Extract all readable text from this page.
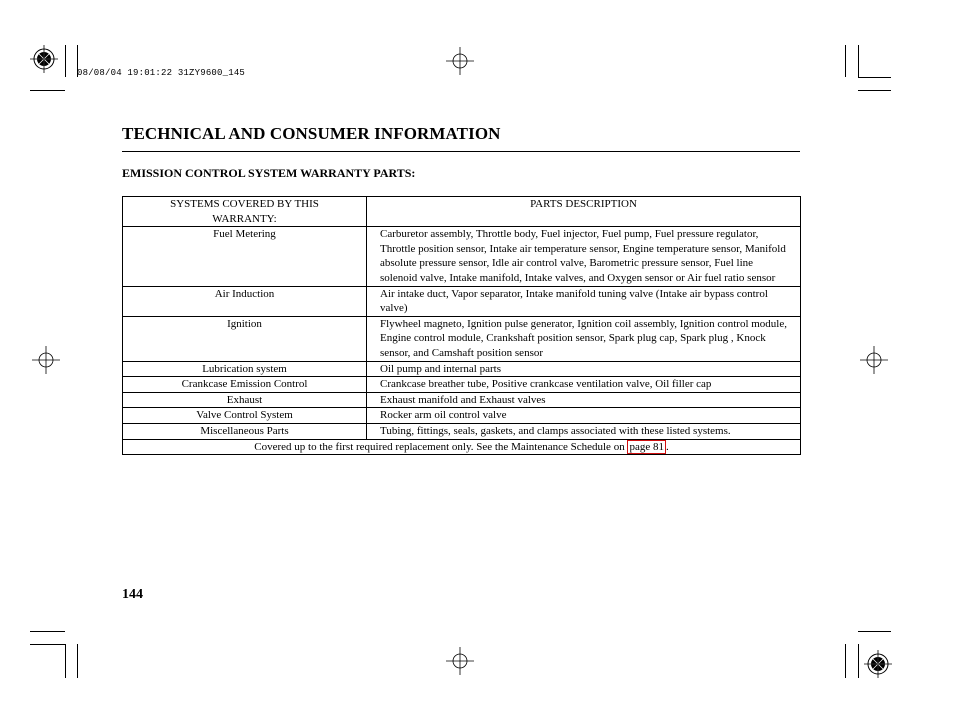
08/08/04 19:01:22 31ZY9600_145
TECHNICAL AND CONSUMER INFORMATION
EMISSION CONTROL SYSTEM WARRANTY PARTS:
SYSTEMS COVERED BY THIS WARRANTY:	PARTS DESCRIPTION
Fuel Metering	Carburetor assembly, Throttle body, Fuel injector, Fuel pump, Fuel pressure regulator, Throttle position sensor, Intake air temperature sensor, Engine temperature sensor, Manifold absolute pressure sensor, Idle air control valve, Barometric pressure sensor, Fuel line solenoid valve, Intake manifold, Intake valves, and Oxygen sensor or Air fuel ratio sensor
Air Induction	Air intake duct, Vapor separator, Intake manifold tuning valve (Intake air bypass control valve)
Ignition	Flywheel magneto, Ignition pulse generator, Ignition coil assembly, Ignition control module, Engine control module, Crankshaft position sensor, Spark plug cap, Spark plug , Knock sensor, and Camshaft position sensor
Lubrication system	Oil pump and internal parts
Crankcase Emission Control	Crankcase breather tube, Positive crankcase ventilation valve, Oil filler cap
Exhaust	Exhaust manifold and Exhaust valves
Valve Control System	Rocker arm oil control valve
Miscellaneous Parts	Tubing, fittings, seals, gaskets, and clamps associated with these listed systems.
Covered up to the first required replacement only. See the Maintenance Schedule on page 81 .	
144
